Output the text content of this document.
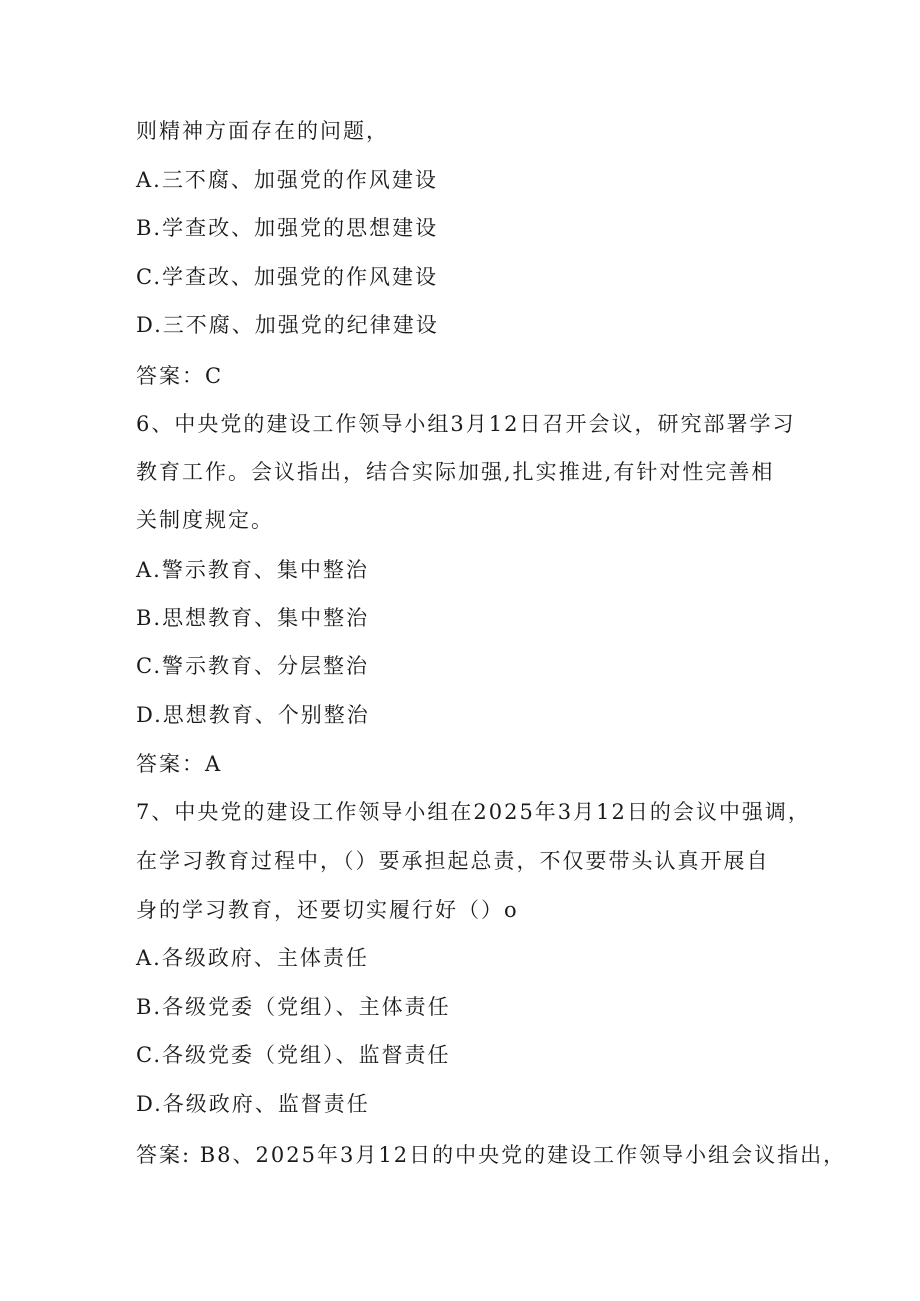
则精神方面存在的问题，
A.三不腐、加强党的作风建设
B.学查改、加强党的思想建设
C.学查改、加强党的作风建设
D.三不腐、加强党的纪律建设
答案：C
6、中央党的建设工作领导小组3月12日召开会议，研究部署学习
教育工作。会议指出，结合实际加强,扎实推进,有针对性完善相
关制度规定。
A.警示教育、集中整治
B.思想教育、集中整治
C.警示教育、分层整治
D.思想教育、个别整治
答案：A
7、中央党的建设工作领导小组在2025年3月12日的会议中强调，
在学习教育过程中，（）要承担起总责，不仅要带头认真开展自
身的学习教育，还要切实履行好（）o
A.各级政府、主体责任
B.各级党委（党组）、主体责任
C.各级党委（党组）、监督责任
D.各级政府、监督责任
答案: B8、2025年3月12日的中央党的建设工作领导小组会议指出，
